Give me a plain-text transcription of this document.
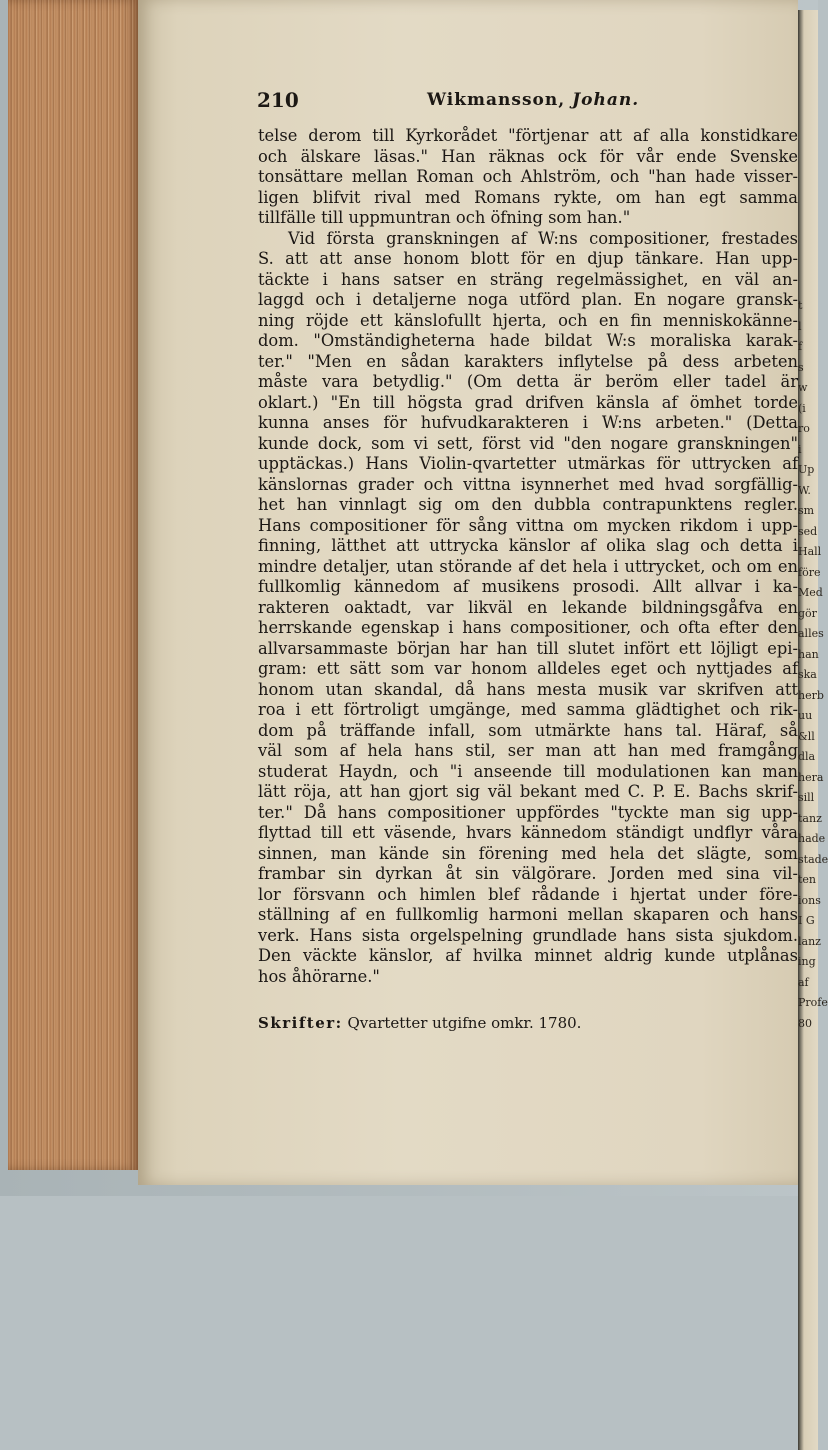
t
l
f
s
w
(i
ro
i
Up
W.
sm
sed
Hall
före
Med
gör
alles
han
ska
herb
uu
&ll
dla
hera
sill
tanz
hade
stade
ten
ions
I G
lanz
ing
af
Profe
80
210	Wikmansson, Johan.
telse derom till Kyrkorådet "förtjenar att af alla konstidkare
och älskare läsas." Han räknas ock för vår ende Svenske
tonsättare mellan Roman och Ahlström, och "han hade visser-
ligen blifvit rival med Romans rykte, om han egt samma
tillfälle till uppmuntran och öfning som han."
Vid första granskningen af W:ns compositioner, frestades
S. att att anse honom blott för en djup tänkare. Han upp-
täckte i hans satser en sträng regelmässighet, en väl an-
laggd och i detaljerne noga utförd plan. En nogare gransk-
ning röjde ett känslofullt hjerta, och en fin menniskokänne-
dom. "Omständigheterna hade bildat W:s moraliska karak-
ter." "Men en sådan karakters inflytelse på dess arbeten
måste vara betydlig." (Om detta är beröm eller tadel är
oklart.) "En till högsta grad drifven känsla af ömhet torde
kunna anses för hufvudkarakteren i W:ns arbeten." (Detta
kunde dock, som vi sett, först vid "den nogare granskningen"
upptäckas.) Hans Violin-qvartetter utmärkas för uttrycken af
känslornas grader och vittna isynnerhet med hvad sorgfällig-
het han vinnlagt sig om den dubbla contrapunktens regler.
Hans compositioner för sång vittna om mycken rikdom i upp-
finning, lätthet att uttrycka känslor af olika slag och detta i
mindre detaljer, utan störande af det hela i uttrycket, och om en
fullkomlig kännedom af musikens prosodi. Allt allvar i ka-
rakteren oaktadt, var likväl en lekande bildningsgåfva en
herrskande egenskap i hans compositioner, och ofta efter den
allvarsammaste början har han till slutet infört ett löjligt epi-
gram: ett sätt som var honom alldeles eget och nyttjades af
honom utan skandal, då hans mesta musik var skrifven att
roa i ett förtroligt umgänge, med samma glädtighet och rik-
dom på träffande infall, som utmärkte hans tal. Häraf, så
väl som af hela hans stil, ser man att han med framgång
studerat Haydn, och "i anseende till modulationen kan man
lätt röja, att han gjort sig väl bekant med C. P. E. Bachs skrif-
ter." Då hans compositioner uppfördes "tyckte man sig upp-
flyttad till ett väsende, hvars kännedom ständigt undflyr våra
sinnen, man kände sin förening med hela det slägte, som
frambar sin dyrkan åt sin välgörare. Jorden med sina vil-
lor försvann och himlen blef rådande i hjertat under före-
ställning af en fullkomlig harmoni mellan skaparen och hans
verk. Hans sista orgelspelning grundlade hans sista sjukdom.
Den väckte känslor, af hvilka minnet aldrig kunde utplånas
hos åhörarne."
Skrifter: Qvartetter utgifne omkr. 1780.
